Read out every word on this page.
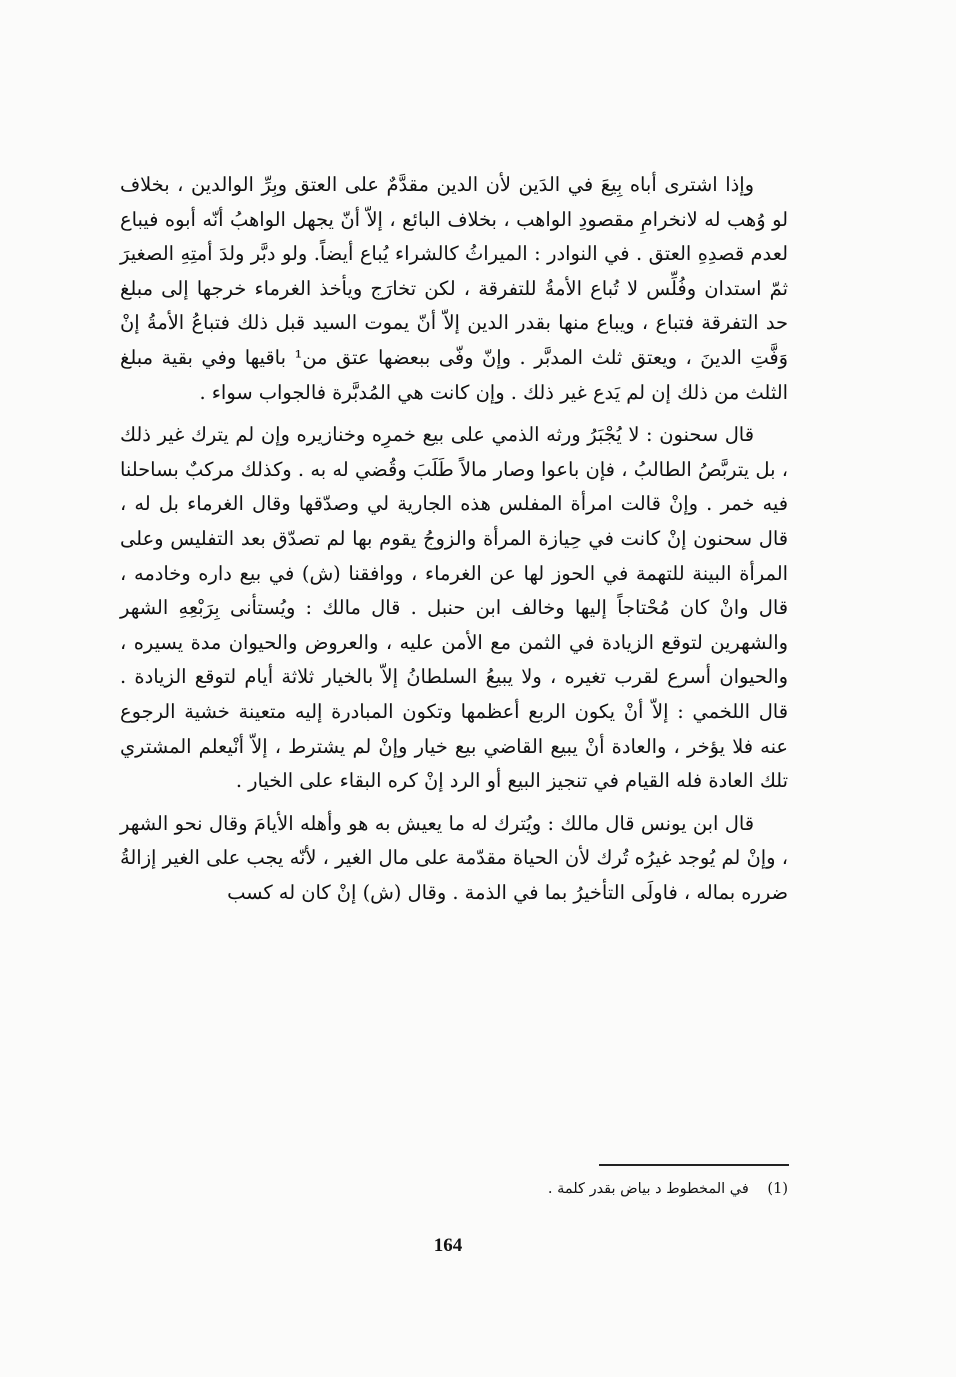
وإذا اشترى أباه بِيعَ في الدَين لأن الدين مقدَّمٌ على العتق وبِرِّ الوالدين ، بخلاف لو وُهب له لانخرامِ مقصودِ الواهب ، بخلاف البائع ، إلاّ أنّ يجهل الواهبُ أنّه أبوه فيباع لعدم قصدِهِ العتق . في النوادر : الميراثُ كالشراء يُباع أيضاً. ولو دبَّر ولدَ أمتِهِ الصغيرَ ثمّ استدان وفُلِّس لا تُباع الأمةُ للتفرقة ، لكن تخارَج ويأخذ الغرماء خرجها إلى مبلغ حد التفرقة فتباع ، ويباع منها بقدر الدين إلاّ أنّ يموت السيد قبل ذلك فتباعُ الأمةُ إنْ وَفَّتِ الدينَ ، ويعتق ثلث المدبَّر . وإنّ وفّى ببعضها عتق من¹ باقيها وفي بقية مبلغ الثلث من ذلك إن لم يَدع غير ذلك . وإن كانت هي المُدبَّرة فالجواب سواء .

قال سحنون : لا يُجْبَرُ ورثه الذمي على بيع خمرِه وخنازيره وإن لم يترك غير ذلك ، بل يتربَّصُ الطالبُ ، فإن باعوا وصار مالاً طَلَبَ وقُضي له به . وكذلك مركبٌ بساحلنا فيه خمر . وإنْ قالت امرأة المفلس هذه الجارية لي وصدّقها وقال الغرماء بل له ، قال سحنون إنْ كانت في حِيازة المرأة والزوجُ يقوم بها لم تصدّق بعد التفليس وعلى المرأة البينة للتهمة في الحوز لها عن الغرماء ، ووافقنا (ش) في بيع داره وخادمه ، قال وانْ كان مُحْتاجاً إليها وخالف ابن حنبل . قال مالك : ويُستأنى بِرَبْعِهِ الشهر والشهرين لتوقع الزيادة في الثمن مع الأمن عليه ، والعروض والحيوان مدة يسيره ، والحيوان أسرع لقرب تغيره ، ولا يبيعُ السلطانُ إلاّ بالخيار ثلاثة أيام لتوقع الزيادة . قال اللخمي : إلاّ أنْ يكون الربع أعظمها وتكون المبادرة إليه متعينة خشية الرجوع عنه فلا يؤخر ، والعادة أنْ يبيع القاضي بيع خيار وإنْ لم يشترط ، إلاّ أنْيعلم المشتري تلك العادة فله القيام في تنجيز البيع أو الرد إنْ كره البقاء على الخيار .

قال ابن يونس قال مالك : ويُترك له ما يعيش به هو وأهله الأيامَ وقال نحو الشهر ، وإنْ لم يُوجد غيرُه تُرك لأن الحياة مقدّمة على مال الغير ، لأنّه يجب على الغير إزالةُ ضرره بماله ، فاولَى التأخيرُ بما في الذمة . وقال (ش) إنْ كان له كسب

(1) في المخطوط د بياض بقدر كلمة .
164
